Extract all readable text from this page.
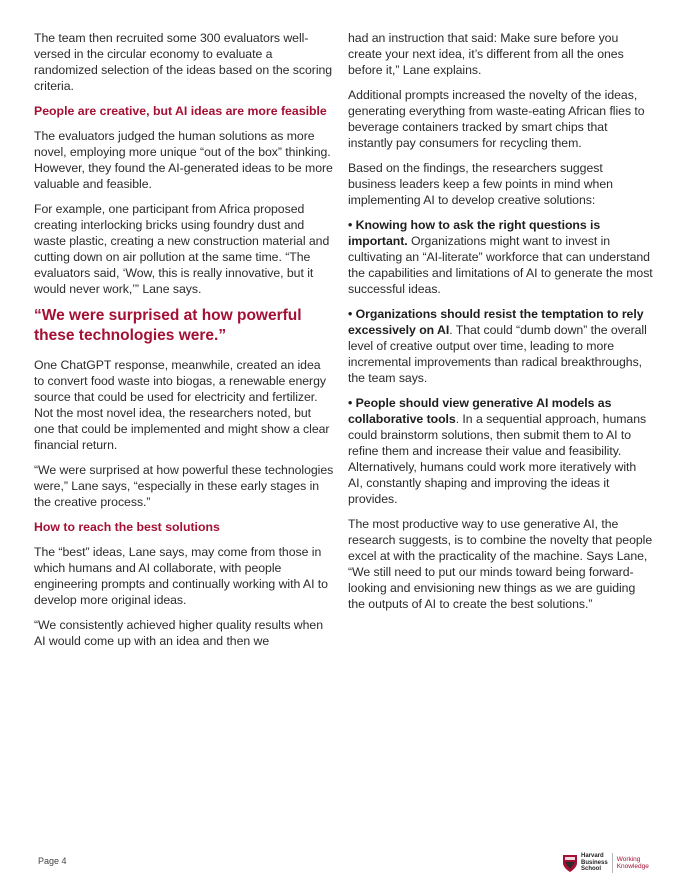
The team then recruited some 300 evaluators well-versed in the circular economy to evaluate a randomized selection of the ideas based on the scoring criteria.

People are creative, but AI ideas are more feasible

The evaluators judged the human solutions as more novel, employing more unique “out of the box” thinking. However, they found the AI-generated ideas to be more valuable and feasible.

For example, one participant from Africa proposed creating interlocking bricks using foundry dust and waste plastic, creating a new construction material and cutting down on air pollution at the same time. “The evaluators said, ‘Wow, this is really innovative, but it would never work,’” Lane says.

“We were surprised at how powerful these technologies were.”

One ChatGPT response, meanwhile, created an idea to convert food waste into biogas, a renewable energy source that could be used for electricity and fertilizer. Not the most novel idea, the researchers noted, but one that could be implemented and might show a clear financial return.

“We were surprised at how powerful these technologies were,” Lane says, “especially in these early stages in the creative process.”

How to reach the best solutions

The “best” ideas, Lane says, may come from those in which humans and AI collaborate, with people engineering prompts and continually working with AI to develop more original ideas.

“We consistently achieved higher quality results when AI would come up with an idea and then we

had an instruction that said: Make sure before you create your next idea, it’s different from all the ones before it,” Lane explains.

Additional prompts increased the novelty of the ideas, generating everything from waste-eating African flies to beverage containers tracked by smart chips that instantly pay consumers for recycling them.

Based on the findings, the researchers suggest business leaders keep a few points in mind when implementing AI to develop creative solutions:

• Knowing how to ask the right questions is important. Organizations might want to invest in cultivating an “AI-literate” workforce that can understand the capabilities and limitations of AI to generate the most successful ideas.

• Organizations should resist the temptation to rely excessively on AI. That could “dumb down” the overall level of creative output over time, leading to more incremental improvements than radical breakthroughs, the team says.

• People should view generative AI models as collaborative tools. In a sequential approach, humans could brainstorm solutions, then submit them to AI to refine them and increase their value and feasibility. Alternatively, humans could work more iteratively with AI, constantly shaping and improving the ideas it provides.

The most productive way to use generative AI, the research suggests, is to combine the novelty that people excel at with the practicality of the machine. Says Lane, “We still need to put our minds toward being forward-looking and envisioning new things as we are guiding the outputs of AI to create the best solutions.”

Page 4	Harvard
Business
School
Working
Knowledge
